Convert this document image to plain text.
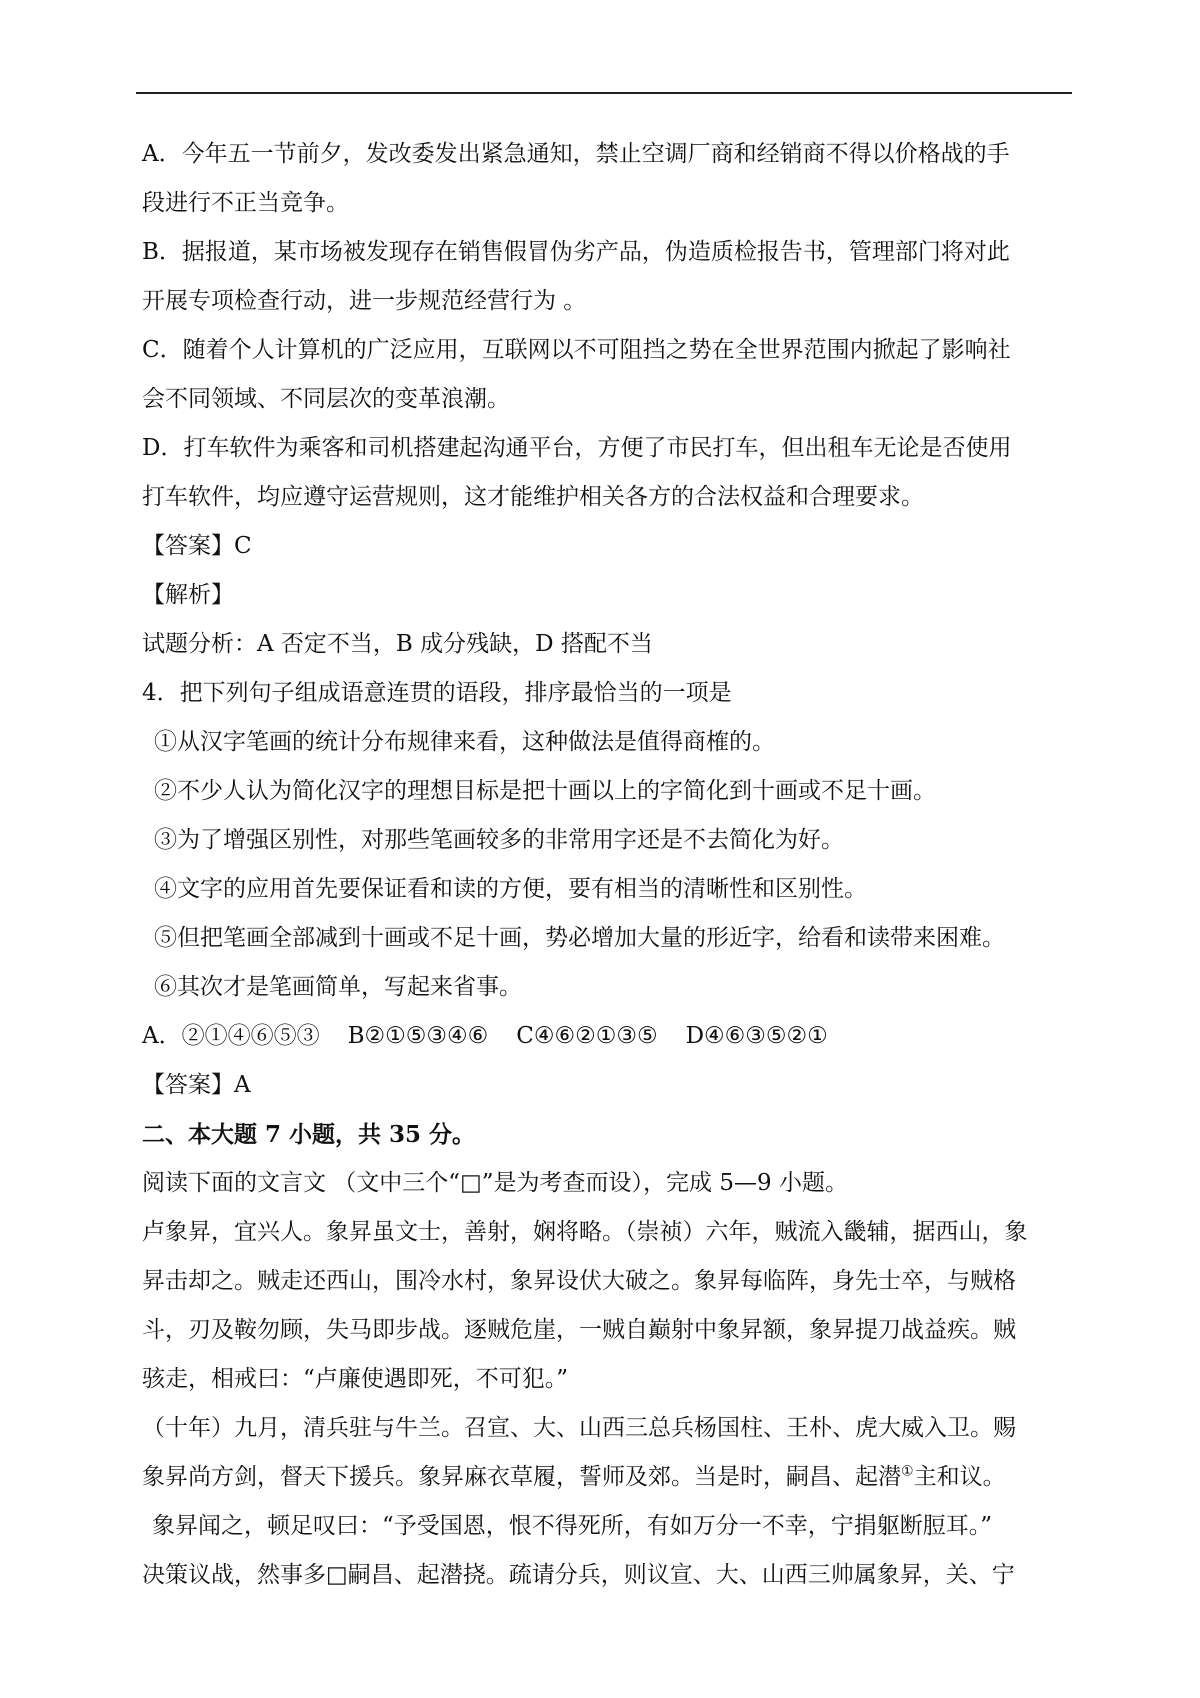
A．今年五一节前夕，发改委发出紧急通知，禁止空调厂商和经销商不得以价格战的手
段进行不正当竞争。
B．据报道，某市场被发现存在销售假冒伪劣产品，伪造质检报告书，管理部门将对此
开展专项检查行动，进一步规范经营行为 。
C．随着个人计算机的广泛应用，互联网以不可阻挡之势在全世界范围内掀起了影响社
会不同领域、不同层次的变革浪潮。
D．打车软件为乘客和司机搭建起沟通平台，方便了市民打车，但出租车无论是否使用
打车软件，均应遵守运营规则，这才能维护相关各方的合法权益和合理要求。
【答案】C
【解析】
试题分析：A 否定不当，B 成分残缺，D 搭配不当
4．把下列句子组成语意连贯的语段，排序最恰当的一项是
①从汉字笔画的统计分布规律来看，这种做法是值得商榷的。
②不少人认为简化汉字的理想目标是把十画以上的字简化到十画或不足十画。
③为了增强区别性，对那些笔画较多的非常用字还是不去简化为好。
④文字的应用首先要保证看和读的方便，要有相当的清晰性和区别性。
⑤但把笔画全部减到十画或不足十画，势必增加大量的形近字，给看和读带来困难。
⑥其次才是笔画简单，写起来省事。
A．②①④⑥⑤③ B②①⑤③④⑥ C④⑥②①③⑤ D④⑥③⑤②①
【答案】A
二、本大题 7 小题，共 35 分。
阅读下面的文言文 （文中三个“□”是为考查而设），完成 5—9 小题。
卢象昇，宜兴人。象昇虽文士，善射，娴将略。（崇祯）六年，贼流入畿辅，据西山，象
昇击却之。贼走还西山，围冷水村，象昇设伏大破之。象昇每临阵，身先士卒，与贼格
斗，刃及鞍勿顾，失马即步战。逐贼危崖，一贼自巅射中象昇额，象昇提刀战益疾。贼
骇走，相戒曰：“卢廉使遇即死，不可犯。”
（十年）九月，清兵驻与牛兰。召宣、大、山西三总兵杨国柱、王朴、虎大威入卫。赐
象昇尚方剑，督天下援兵。象昇麻衣草履，誓师及郊。当是时，嗣昌、起潜①主和议。
象昇闻之，顿足叹曰：“予受国恩，恨不得死所，有如万分一不幸，宁捐躯断脰耳。”
决策议战，然事多□嗣昌、起潜挠。疏请分兵，则议宣、大、山西三帅属象昇，关、宁
